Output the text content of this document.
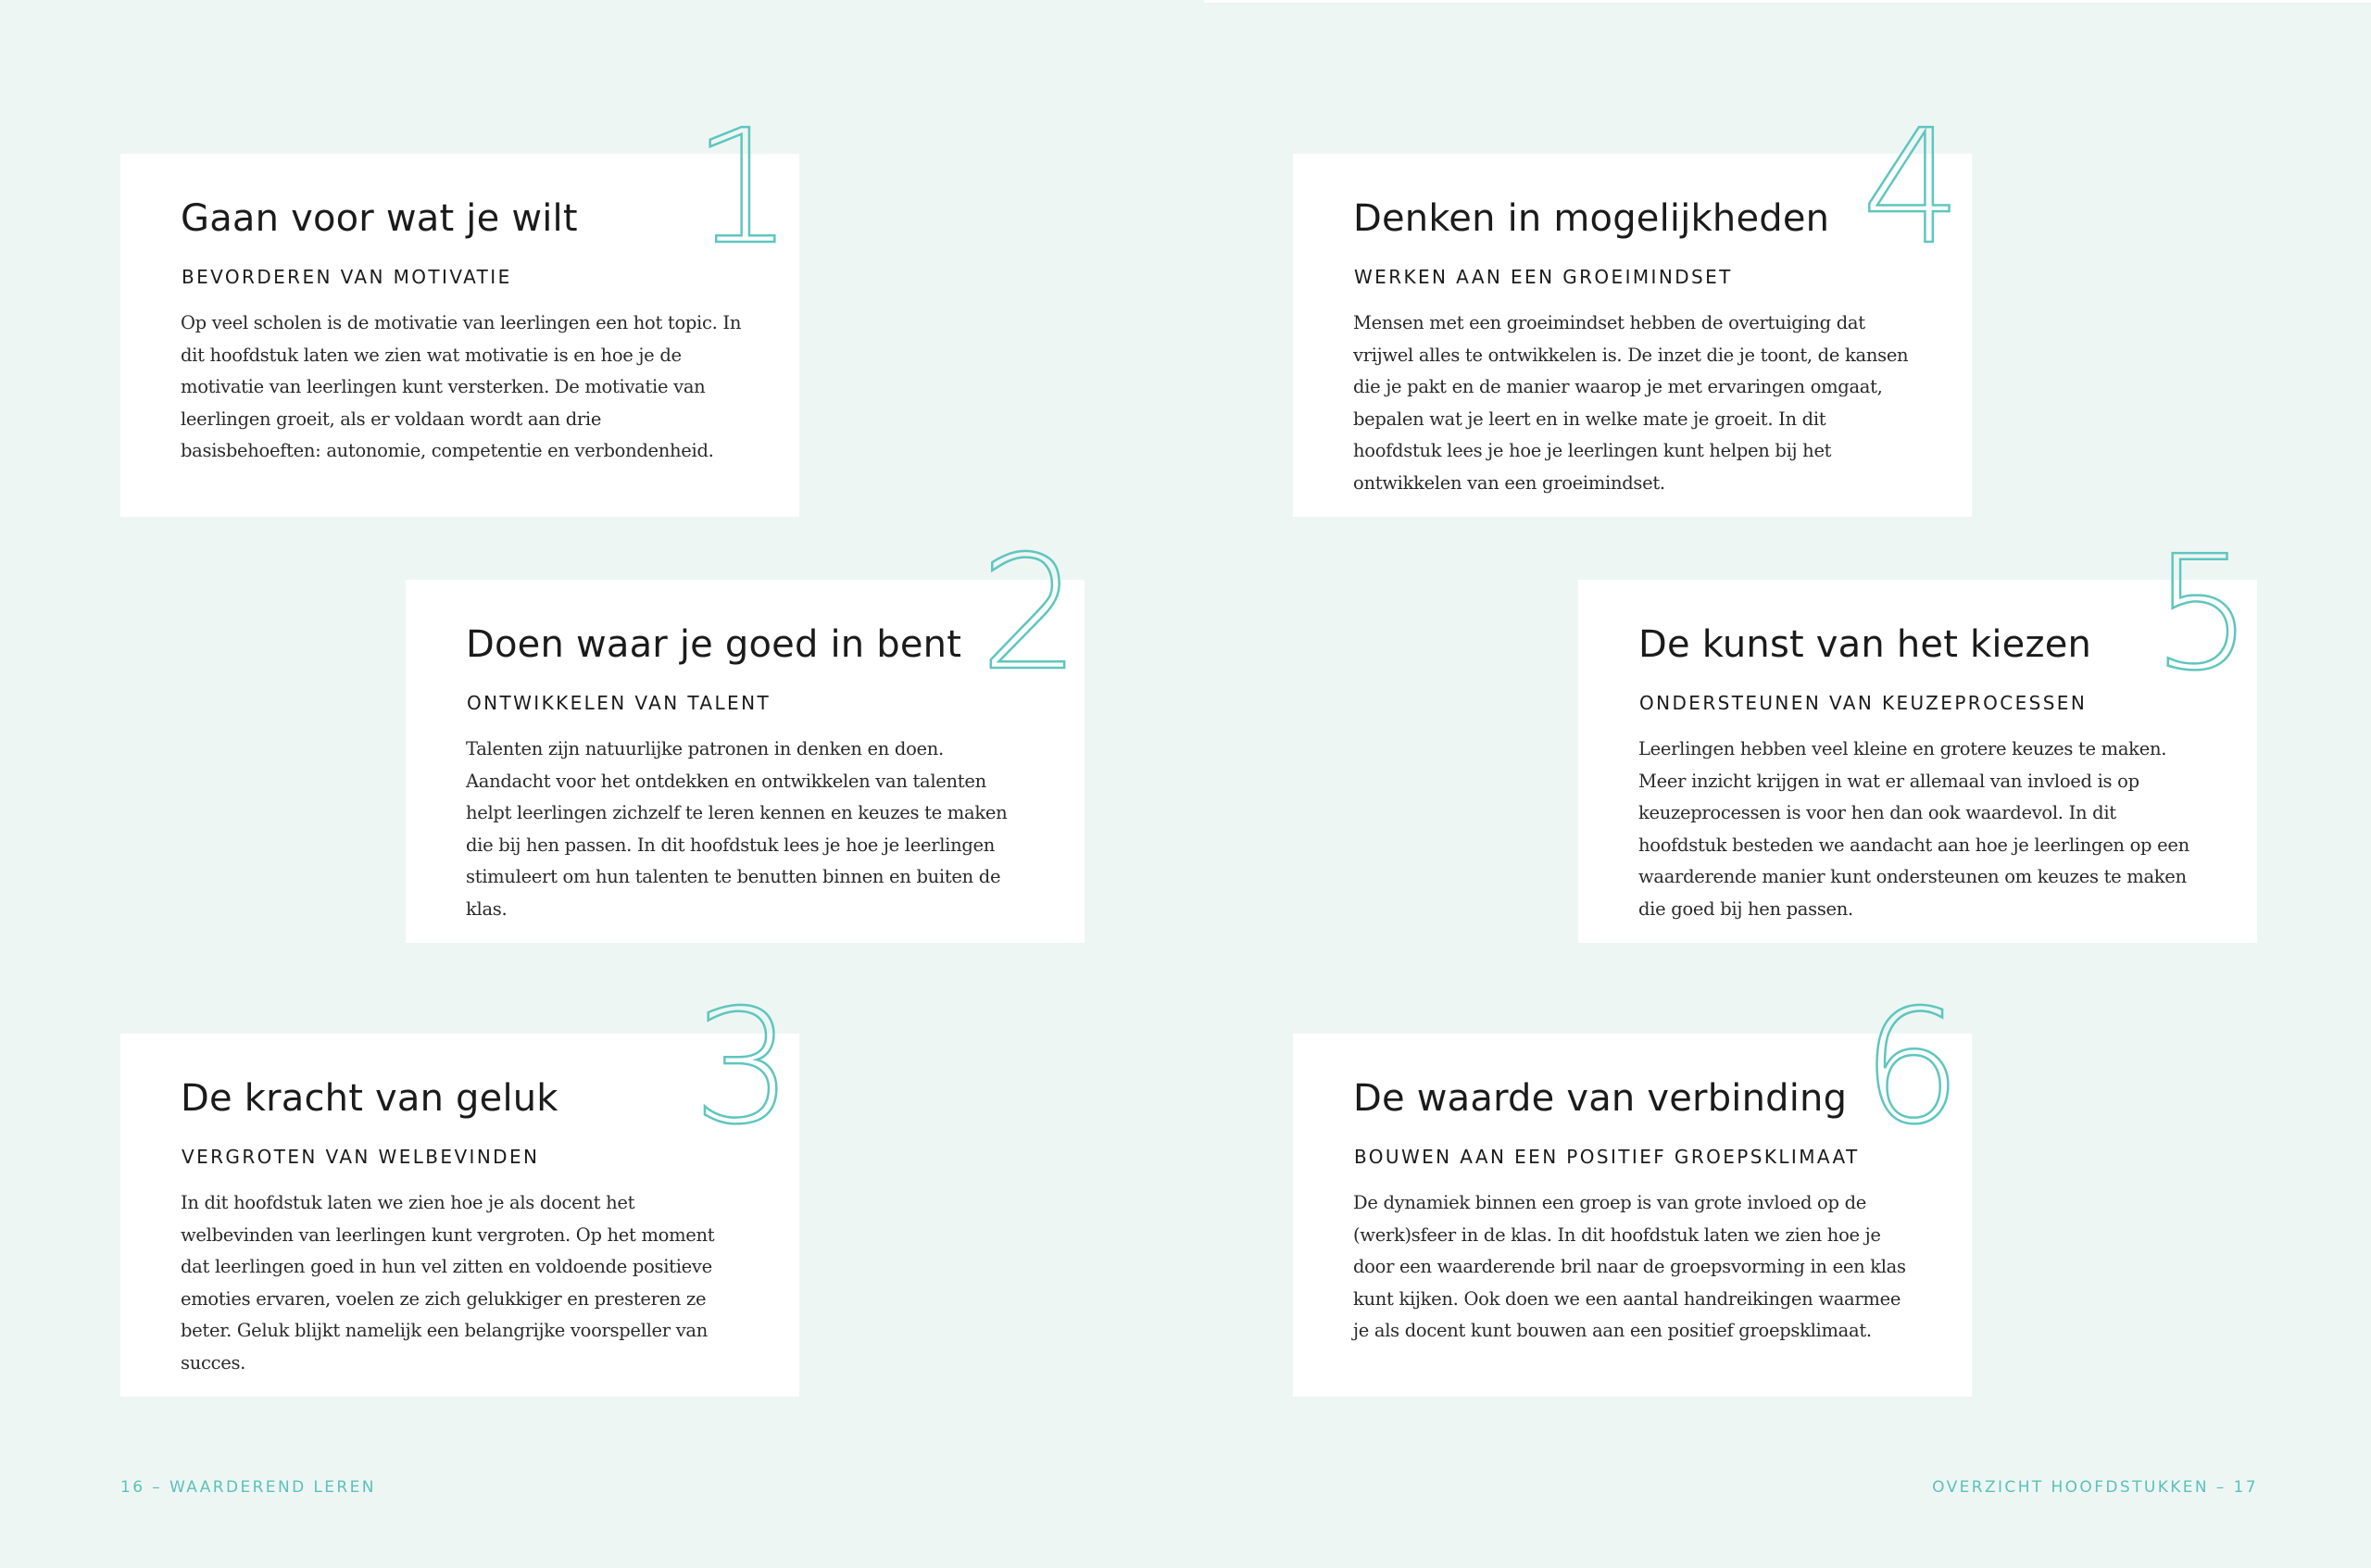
Gaan voor wat je wilt
BEVORDEREN VAN MOTIVATIE

Op veel scholen is de motivatie van leerlingen een hot topic. In dit hoofdstuk laten we zien wat motivatie is en hoe je de motivatie van leerlingen kunt versterken. De motivatie van leerlingen groeit, als er voldaan wordt aan drie basisbehoeften: autonomie, competentie en verbondenheid.

1
Doen waar je goed in bent
ONTWIKKELEN VAN TALENT

Talenten zijn natuurlijke patronen in denken en doen. Aandacht voor het ontdekken en ontwikkelen van talenten helpt leerlingen zichzelf te leren kennen en keuzes te maken die bij hen passen. In dit hoofdstuk lees je hoe je leerlingen stimuleert om hun talenten te benutten binnen en buiten de klas.

2
De kracht van geluk
VERGROTEN VAN WELBEVINDEN

In dit hoofdstuk laten we zien hoe je als docent het welbevinden van leerlingen kunt vergroten. Op het moment dat leerlingen goed in hun vel zitten en voldoende positieve emoties ervaren, voelen ze zich gelukkiger en presteren ze beter. Geluk blijkt namelijk een belangrijke voorspeller van succes.

3
Denken in mogelijkheden
WERKEN AAN EEN GROEIMINDSET

Mensen met een groeimindset hebben de overtuiging dat vrijwel alles te ontwikkelen is. De inzet die je toont, de kansen die je pakt en de manier waarop je met ervaringen omgaat, bepalen wat je leert en in welke mate je groeit. In dit hoofdstuk lees je hoe je leerlingen kunt helpen bij het ontwikkelen van een groeimindset.

4
De kunst van het kiezen
ONDERSTEUNEN VAN KEUZEPROCESSEN

Leerlingen hebben veel kleine en grotere keuzes te maken. Meer inzicht krijgen in wat er allemaal van invloed is op keuzeprocessen is voor hen dan ook waardevol. In dit hoofdstuk besteden we aandacht aan hoe je leerlingen op een waarderende manier kunt ondersteunen om keuzes te maken die goed bij hen passen.

5
De waarde van verbinding
BOUWEN AAN EEN POSITIEF GROEPSKLIMAAT

De dynamiek binnen een groep is van grote invloed op de (werk)sfeer in de klas. In dit hoofdstuk laten we zien hoe je door een waarderende bril naar de groepsvorming in een klas kunt kijken. Ook doen we een aantal handreikingen waarmee je als docent kunt bouwen aan een positief groepsklimaat.

6
16 – WAARDEREND LEREN	OVERZICHT HOOFDSTUKKEN – 17
